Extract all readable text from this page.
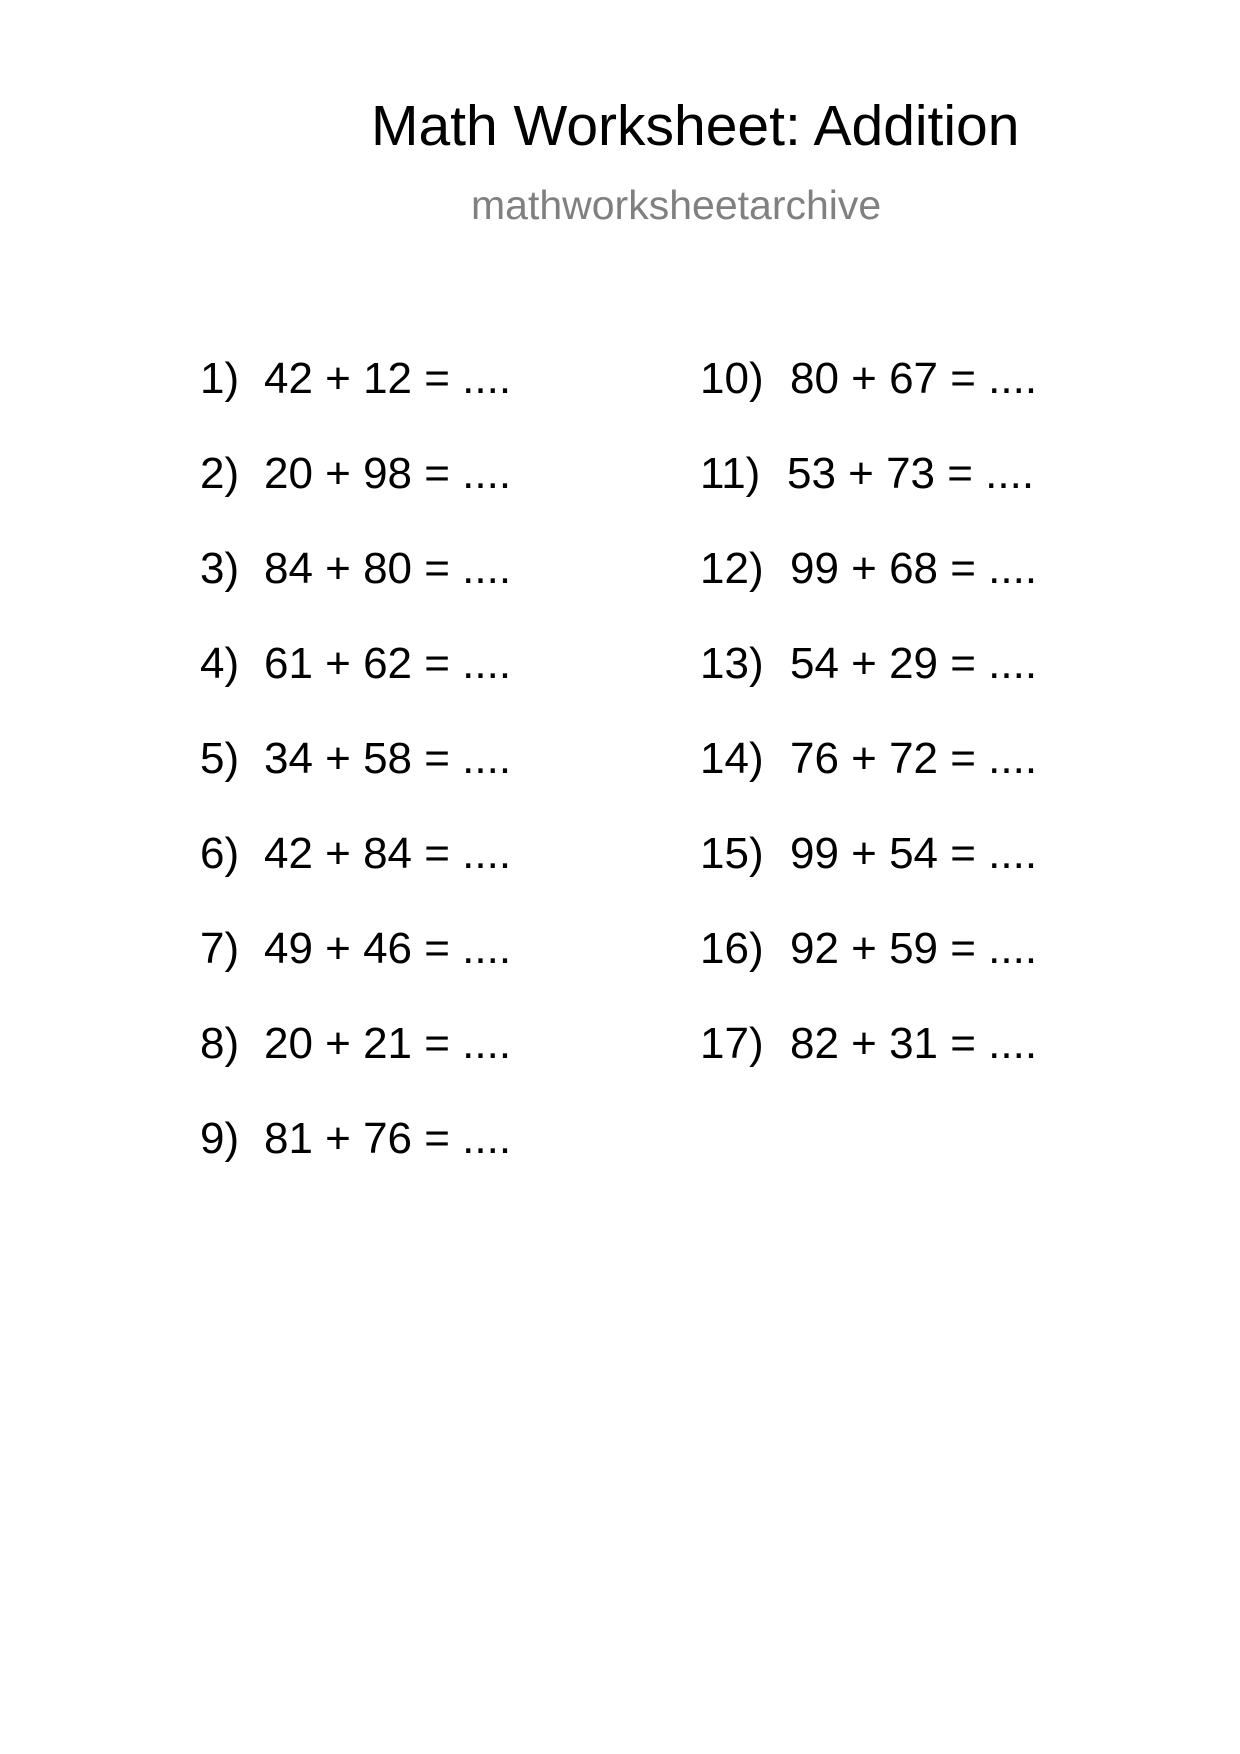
Math Worksheet: Addition
mathworksheetarchive
1) 42 + 12 = ....
2) 20 + 98 = ....
3) 84 + 80 = ....
4) 61 + 62 = ....
5) 34 + 58 = ....
6) 42 + 84 = ....
7) 49 + 46 = ....
8) 20 + 21 = ....
9) 81 + 76 = ....
10) 80 + 67 = ....
11) 53 + 73 = ....
12) 99 + 68 = ....
13) 54 + 29 = ....
14) 76 + 72 = ....
15) 99 + 54 = ....
16) 92 + 59 = ....
17) 82 + 31 = ....
